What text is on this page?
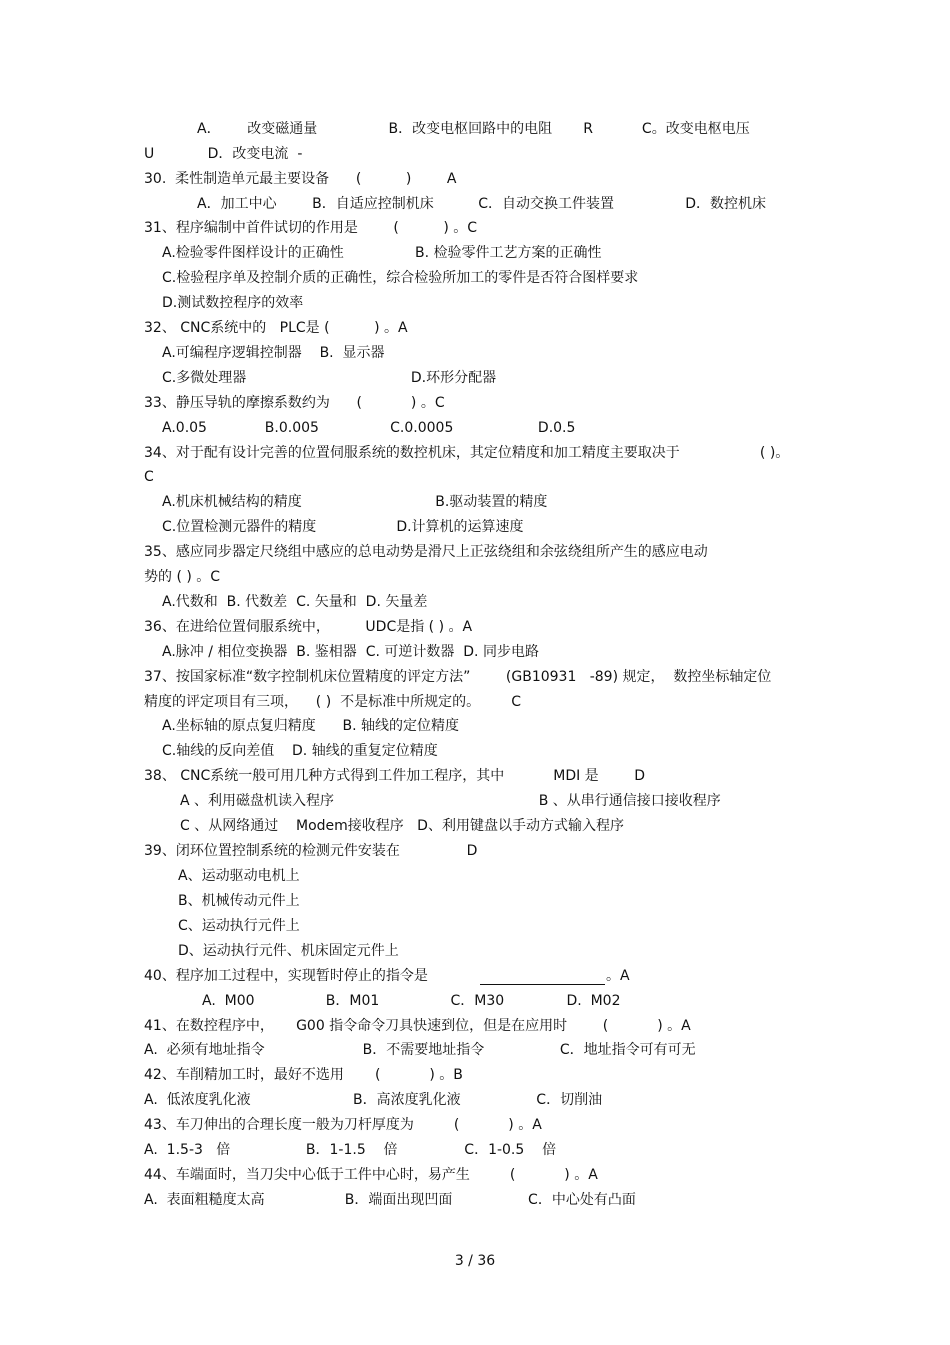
A．      改变磁通量                B．改变电枢回路中的电阻       R           C。改变电枢电压
U            D．改变电流  -
30.  柔性制造单元最主要设备      (          )        A
A．加工中心        B．自适应控制机床          C．自动交换工件装置                D．数控机床
31、程序编制中首件试切的作用是        (          ) 。C
A.检验零件图样设计的正确性                B. 检验零件工艺方案的正确性
C.检验程序单及控制介质的正确性，综合检验所加工的零件是否符合图样要求
D.测试数控程序的效率
32、 CNC系统中的   PLC是 (          ) 。A
A.可编程序逻辑控制器    B.  显示器
C.多微处理器                                     D.环形分配器
33、静压导轨的摩擦系数约为      (           ) 。C
A.0.05             B.0.005                C.0.0005                   D.0.5
34、对于配有设计完善的位置伺服系统的数控机床，其定位精度和加工精度主要取决于                  ( )。
C
A.机床机械结构的精度                              B.驱动装置的精度
C.位置检测元器件的精度                  D.计算机的运算速度
35、感应同步器定尺绕组中感应的总电动势是滑尺上正弦绕组和余弦绕组所产生的感应电动
势的 ( ) 。C
A.代数和  B. 代数差  C. 矢量和  D. 矢量差
36、在进给位置伺服系统中，        UDC是指 ( ) 。A
A.脉冲 / 相位变换器  B. 鉴相器  C. 可逆计数器  D. 同步电路
37、按国家标准“数字控制机床位置精度的评定方法”        (GB10931   -89) 规定，  数控坐标轴定位
精度的评定项目有三项，    ( )  不是标准中所规定的。       C
A.坐标轴的原点复归精度      B. 轴线的定位精度
C.轴线的反向差值    D. 轴线的重复定位精度
38、 CNC系统一般可用几种方式得到工件加工程序，其中           MDI 是        D
A 、利用磁盘机读入程序                                              B 、从串行通信接口接收程序
C 、从网络通过    Modem接收程序   D、利用键盘以手动方式输入程序
39、闭环位置控制系统的检测元件安装在               D
A、运动驱动电机上
B、机械传动元件上
C、运动执行元件上
D、运动执行元件、机床固定元件上
40、程序加工过程中，实现暂时停止的指令是	。A
A.  M00                B．M01                C．M30              D.  M02
41、在数控程序中，     G00 指令命令刀具快速到位，但是在应用时        (           ) 。A
A.  必须有地址指令                      B．不需要地址指令                 C．地址指令可有可无
42、车削精加工时，最好不选用       (           ) 。B
A.  低浓度乳化液                       B．高浓度乳化液                 C．切削油
43、车刀伸出的合理长度一般为刀杆厚度为         (           ) 。A
A.  1.5-3   倍                 B．1-1.5    倍               C．1-0.5    倍
44、车端面时，当刀尖中心低于工件中心时，易产生         (           ) 。A
A.  表面粗糙度太高                  B．端面出现凹面                 C．中心处有凸面
3 / 36
